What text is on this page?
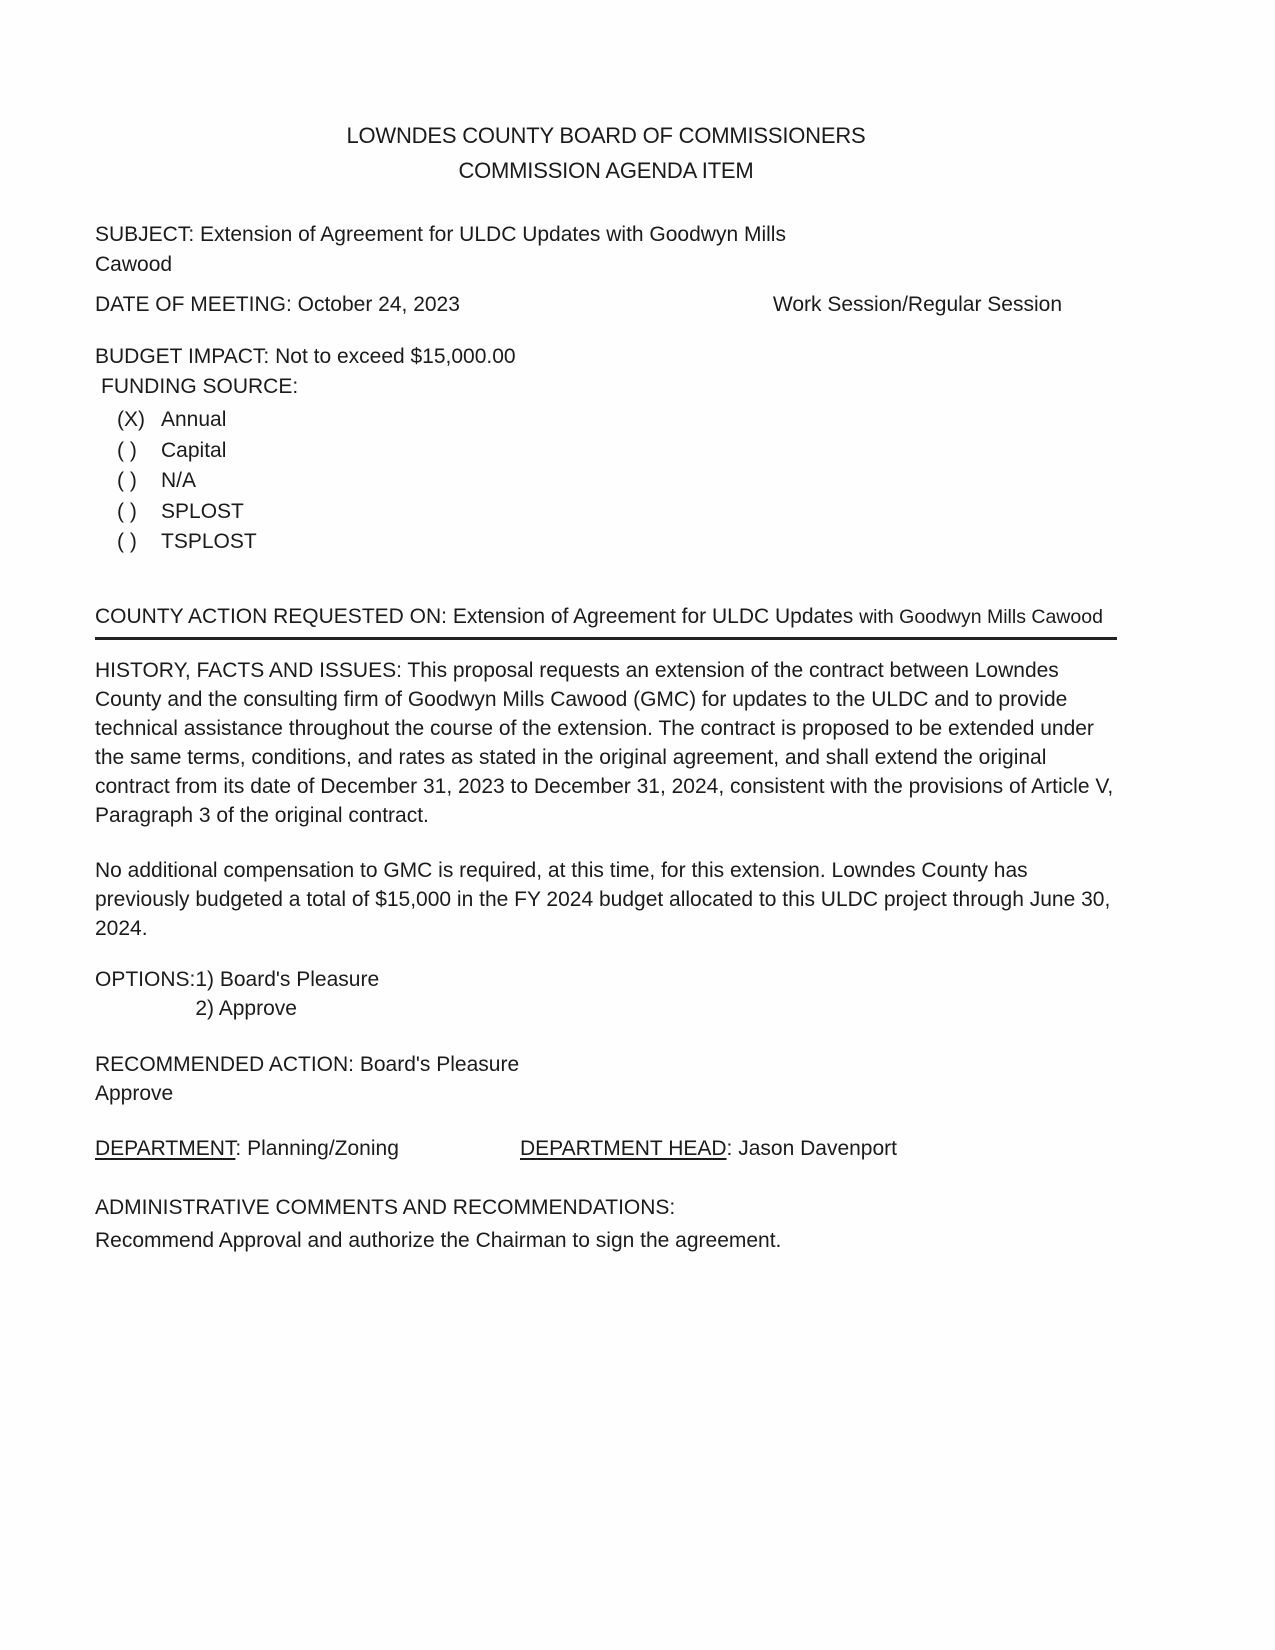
LOWNDES COUNTY BOARD OF COMMISSIONERS
COMMISSION AGENDA ITEM

SUBJECT: Extension of Agreement for ULDC Updates with Goodwyn Mills Cawood

DATE OF MEETING: October 24, 2023	Work Session/Regular Session

BUDGET IMPACT: Not to exceed $15,000.00

FUNDING SOURCE:

(X) Annual
( )	Capital
( )	N/A
( )	SPLOST
( )	TSPLOST
COUNTY ACTION REQUESTED ON: Extension of Agreement for ULDC Updates with Goodwyn Mills Cawood

HISTORY, FACTS AND ISSUES: This proposal requests an extension of the contract between Lowndes County and the consulting firm of Goodwyn Mills Cawood (GMC) for updates to the ULDC and to provide technical assistance throughout the course of the extension. The contract is proposed to be extended under the same terms, conditions, and rates as stated in the original agreement, and shall extend the original contract from its date of December 31, 2023 to December 31, 2024, consistent with the provisions of Article V, Paragraph 3 of the original contract.

No additional compensation to GMC is required, at this time, for this extension. Lowndes County has previously budgeted a total of $15,000 in the FY 2024 budget allocated to this ULDC project through June 30, 2024.

OPTIONS: 1) Board's Pleasure
2) Approve
RECOMMENDED ACTION: Board's Pleasure
Approve
DEPARTMENT: Planning/Zoning	DEPARTMENT HEAD: Jason Davenport
ADMINISTRATIVE COMMENTS AND RECOMMENDATIONS:
Recommend Approval and authorize the Chairman to sign the agreement.
